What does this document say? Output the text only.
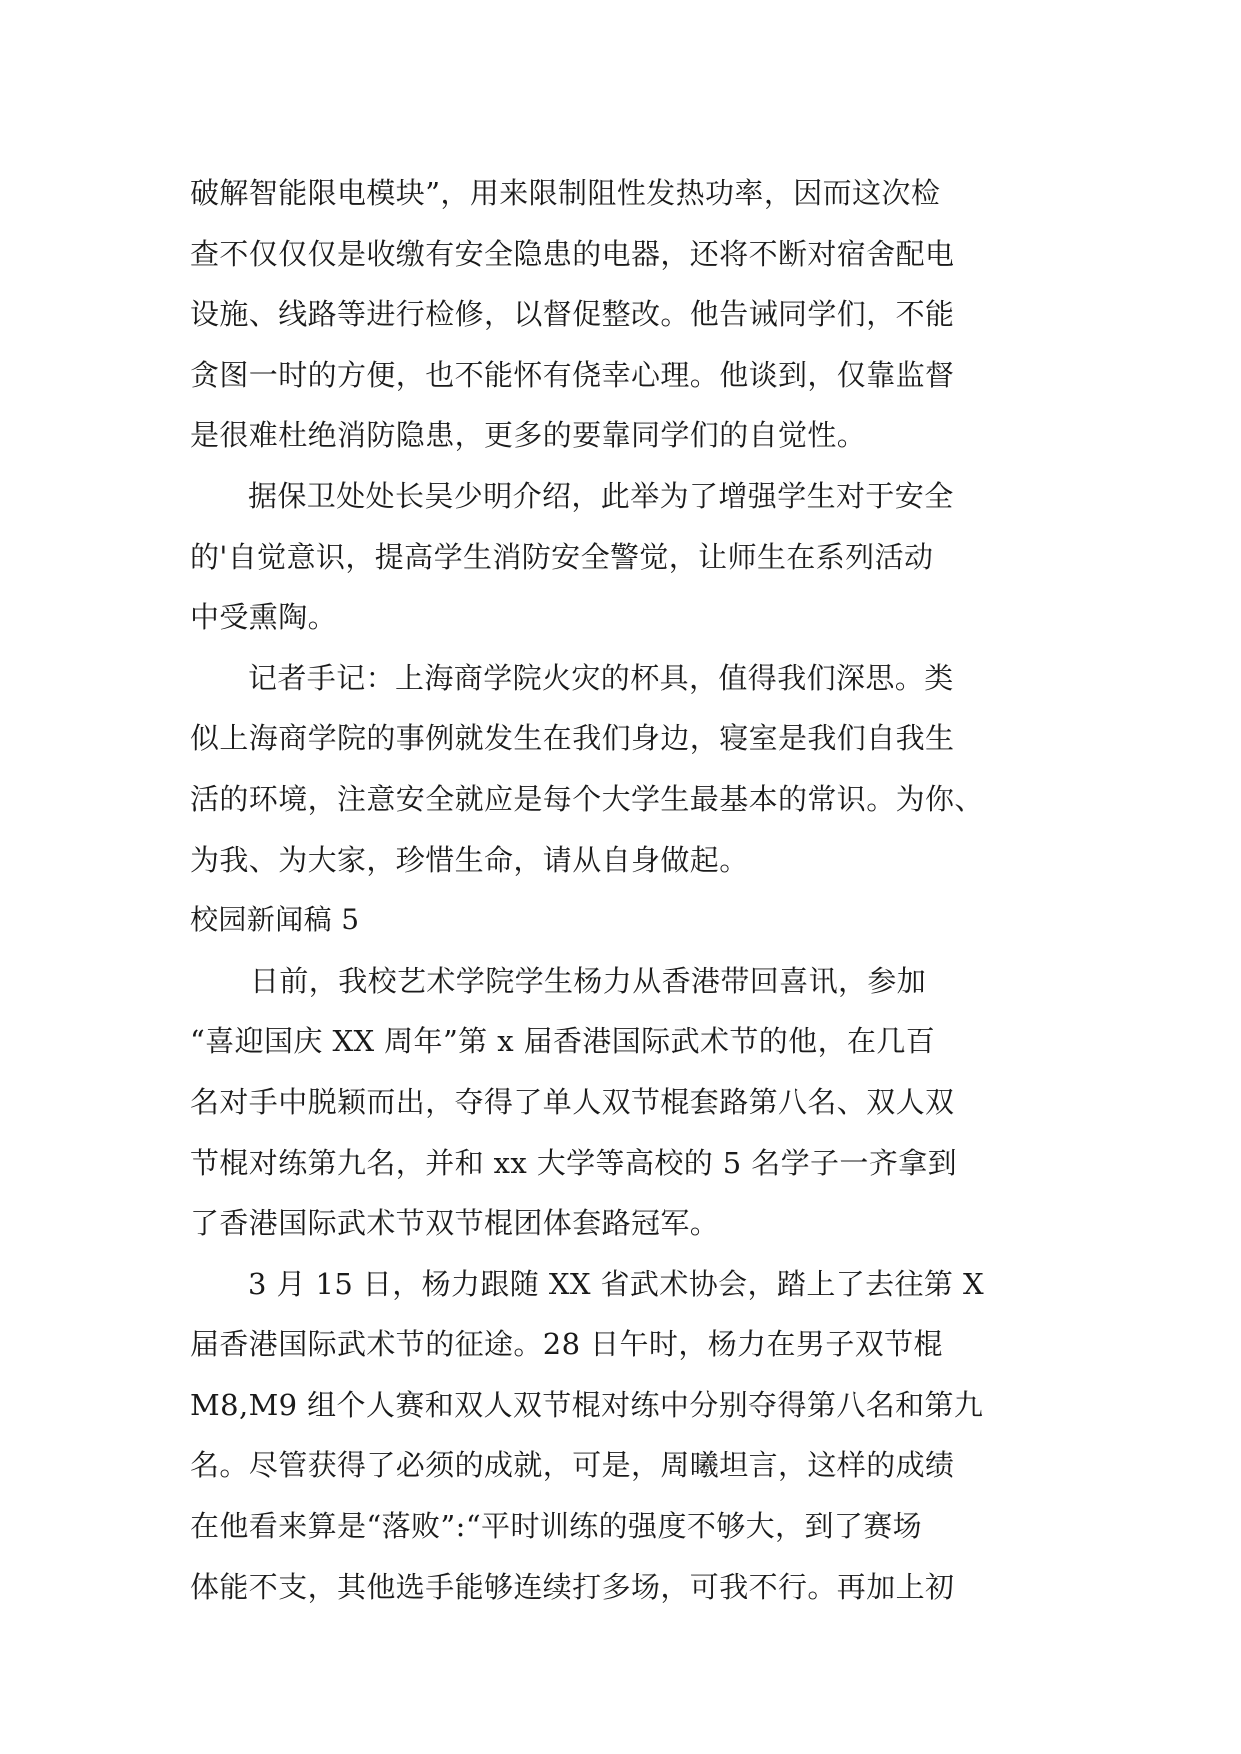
破解智能限电模块”，用来限制阻性发热功率，因而这次检
查不仅仅仅是收缴有安全隐患的电器，还将不断对宿舍配电
设施、线路等进行检修，以督促整改。他告诫同学们，不能
贪图一时的方便，也不能怀有侥幸心理。他谈到，仅靠监督
是很难杜绝消防隐患，更多的要靠同学们的自觉性。
据保卫处处长吴少明介绍，此举为了增强学生对于安全
的'自觉意识，提高学生消防安全警觉，让师生在系列活动
中受熏陶。
记者手记：上海商学院火灾的杯具，值得我们深思。类
似上海商学院的事例就发生在我们身边，寝室是我们自我生
活的环境，注意安全就应是每个大学生最基本的常识。为你、
为我、为大家，珍惜生命，请从自身做起。
校园新闻稿 5
日前，我校艺术学院学生杨力从香港带回喜讯，参加
“喜迎国庆 XX 周年”第 x 届香港国际武术节的他，在几百
名对手中脱颖而出，夺得了单人双节棍套路第八名、双人双
节棍对练第九名，并和 xx 大学等高校的 5 名学子一齐拿到
了香港国际武术节双节棍团体套路冠军。
3 月 15 日，杨力跟随 XX 省武术协会，踏上了去往第 X
届香港国际武术节的征途。28 日午时，杨力在男子双节棍
M8,M9 组个人赛和双人双节棍对练中分别夺得第八名和第九
名。尽管获得了必须的成就，可是，周曦坦言，这样的成绩
在他看来算是“落败”:“平时训练的强度不够大，到了赛场
体能不支，其他选手能够连续打多场，可我不行。再加上初
